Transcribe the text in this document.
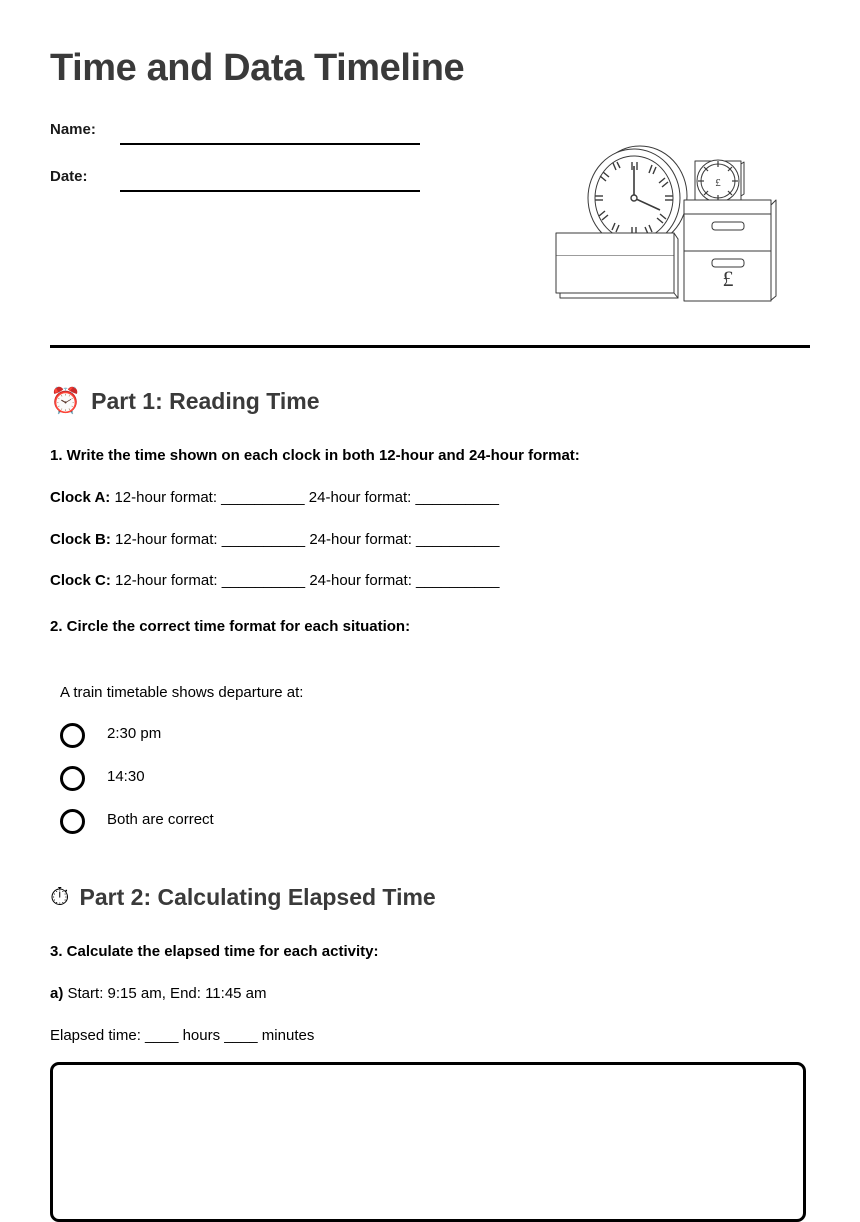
Time and Data Timeline
Name:
Date:	£
£
⏰ Part 1: Reading Time
1. Write the time shown on each clock in both 12-hour and 24-hour format:
Clock A: 12-hour format: __________ 24-hour format: __________
Clock B: 12-hour format: __________ 24-hour format: __________
Clock C: 12-hour format: __________ 24-hour format: __________
2. Circle the correct time format for each situation:
A train timetable shows departure at:
2:30 pm
14:30
Both are correct
⏱ Part 2: Calculating Elapsed Time
3. Calculate the elapsed time for each activity:
a) Start: 9:15 am, End: 11:45 am
Elapsed time: ____ hours ____ minutes
